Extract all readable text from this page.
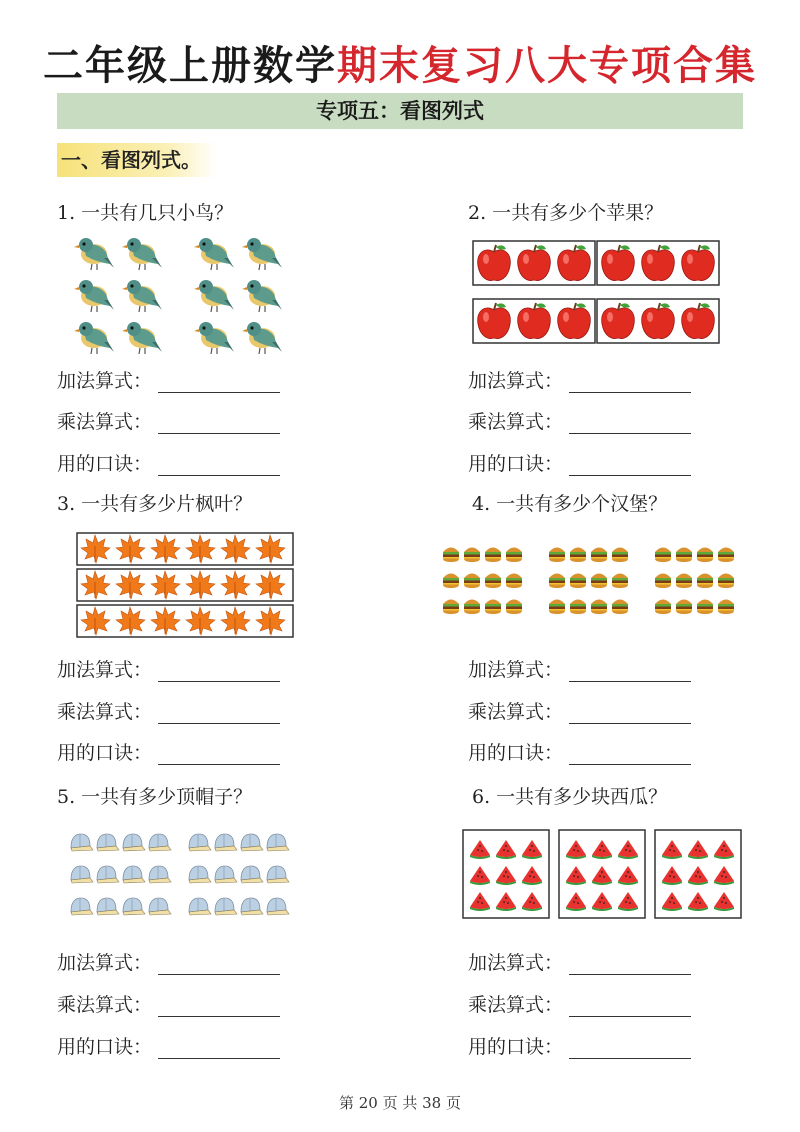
二年级上册数学期末复习八大专项合集
专项五：看图列式
一、看图列式。
1. 一共有几只小鸟？
加法算式：
乘法算式：
用的口诀：
2. 一共有多少个苹果？
加法算式：
乘法算式：
用的口诀：
3. 一共有多少片枫叶？
加法算式：
乘法算式：
用的口诀：
4. 一共有多少个汉堡？
加法算式：
乘法算式：
用的口诀：
5. 一共有多少顶帽子？
加法算式：
乘法算式：
用的口诀：
6. 一共有多少块西瓜？
加法算式：
乘法算式：
用的口诀：
第 20 页 共 38 页
